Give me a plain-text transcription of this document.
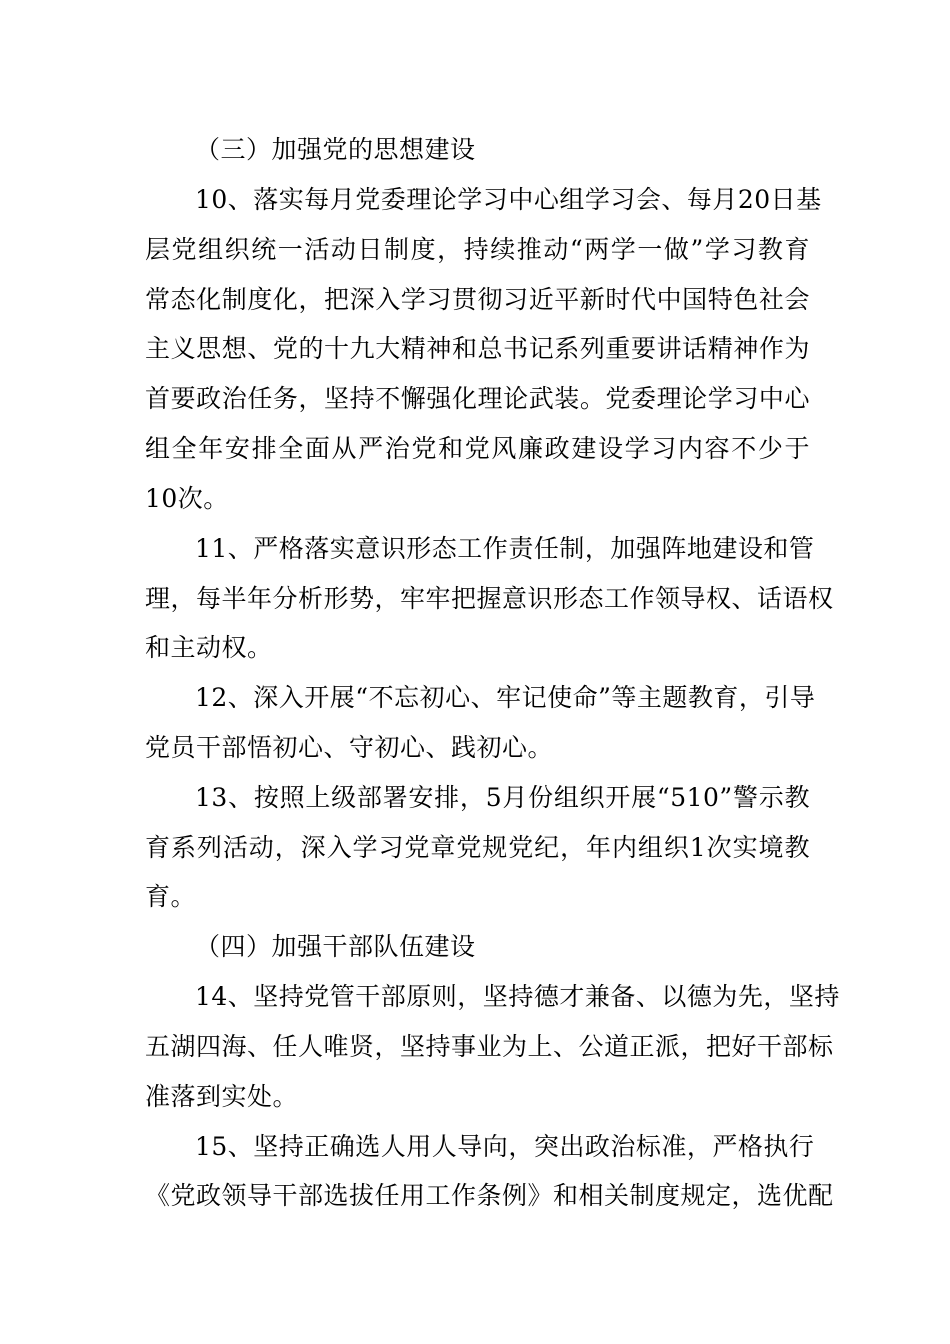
（三）加强党的思想建设
10、落实每月党委理论学习中心组学习会、每月20日基
层党组织统一活动日制度，持续推动“两学一做”学习教育
常态化制度化，把深入学习贯彻习近平新时代中国特色社会
主义思想、党的十九大精神和总书记系列重要讲话精神作为
首要政治任务，坚持不懈强化理论武装。党委理论学习中心
组全年安排全面从严治党和党风廉政建设学习内容不少于
10次。
11、严格落实意识形态工作责任制，加强阵地建设和管
理，每半年分析形势，牢牢把握意识形态工作领导权、话语权
和主动权。
12、深入开展“不忘初心、牢记使命”等主题教育，引导
党员干部悟初心、守初心、践初心。
13、按照上级部署安排，5月份组织开展“510”警示教
育系列活动，深入学习党章党规党纪，年内组织1次实境教
育。
（四）加强干部队伍建设
14、坚持党管干部原则，坚持德才兼备、以德为先，坚持
五湖四海、任人唯贤，坚持事业为上、公道正派，把好干部标
准落到实处。
15、坚持正确选人用人导向，突出政治标准，严格执行
《党政领导干部选拔任用工作条例》和相关制度规定，选优配
